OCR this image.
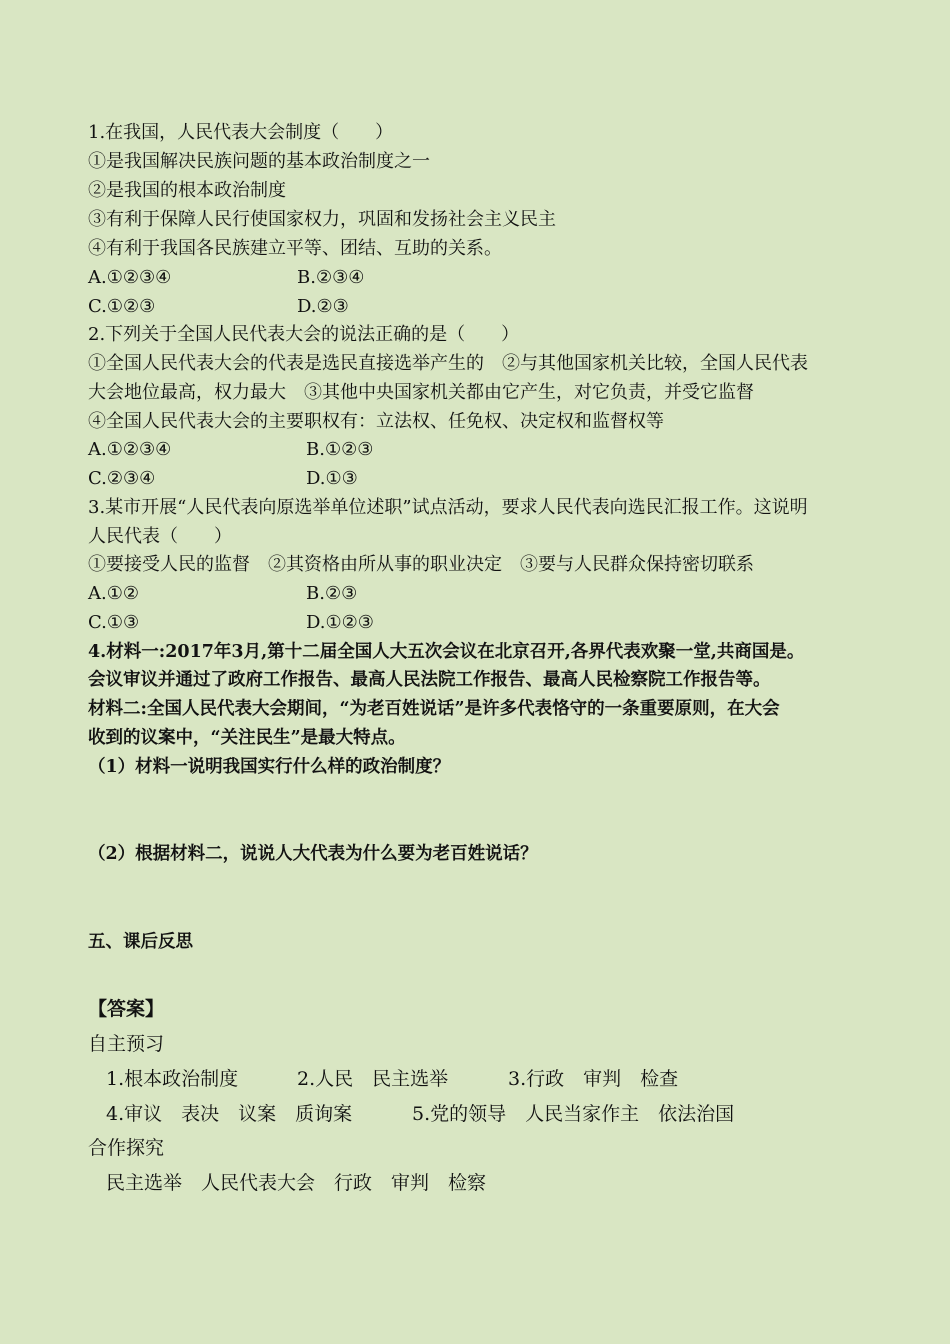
1.在我国，人民代表大会制度（　　）
①是我国解决民族问题的基本政治制度之一
②是我国的根本政治制度
③有利于保障人民行使国家权力，巩固和发扬社会主义民主
④有利于我国各民族建立平等、团结、互助的关系。
A.①②③④	B.②③④
C.①②③	D.②③
2.下列关于全国人民代表大会的说法正确的是（　　）
①全国人民代表大会的代表是选民直接选举产生的　②与其他国家机关比较，全国人民代表
大会地位最高，权力最大　③其他中央国家机关都由它产生，对它负责，并受它监督
④全国人民代表大会的主要职权有：立法权、任免权、决定权和监督权等
A.①②③④	B.①②③
C.②③④	D.①③
3.某市开展“人民代表向原选举单位述职”试点活动，要求人民代表向选民汇报工作。这说明
人民代表（　　）
①要接受人民的监督　②其资格由所从事的职业决定　③要与人民群众保持密切联系
A.①②	B.②③
C.①③	D.①②③
4.材料一:2017年3月,第十二届全国人大五次会议在北京召开,各界代表欢聚一堂,共商国是。
会议审议并通过了政府工作报告、最高人民法院工作报告、最高人民检察院工作报告等。
材料二:全国人民代表大会期间，“为老百姓说话”是许多代表恪守的一条重要原则，在大会
收到的议案中，“关注民生”是最大特点。
（1）材料一说明我国实行什么样的政治制度？
（2）根据材料二，说说人大代表为什么要为老百姓说话？
五、课后反思
【答案】
自主预习
1.根本政治制度	2.人民　民主选举	3.行政　审判　检查
4.审议　表决　议案　质询案	5.党的领导　人民当家作主　依法治国
合作探究
民主选举　人民代表大会　行政　审判　检察
